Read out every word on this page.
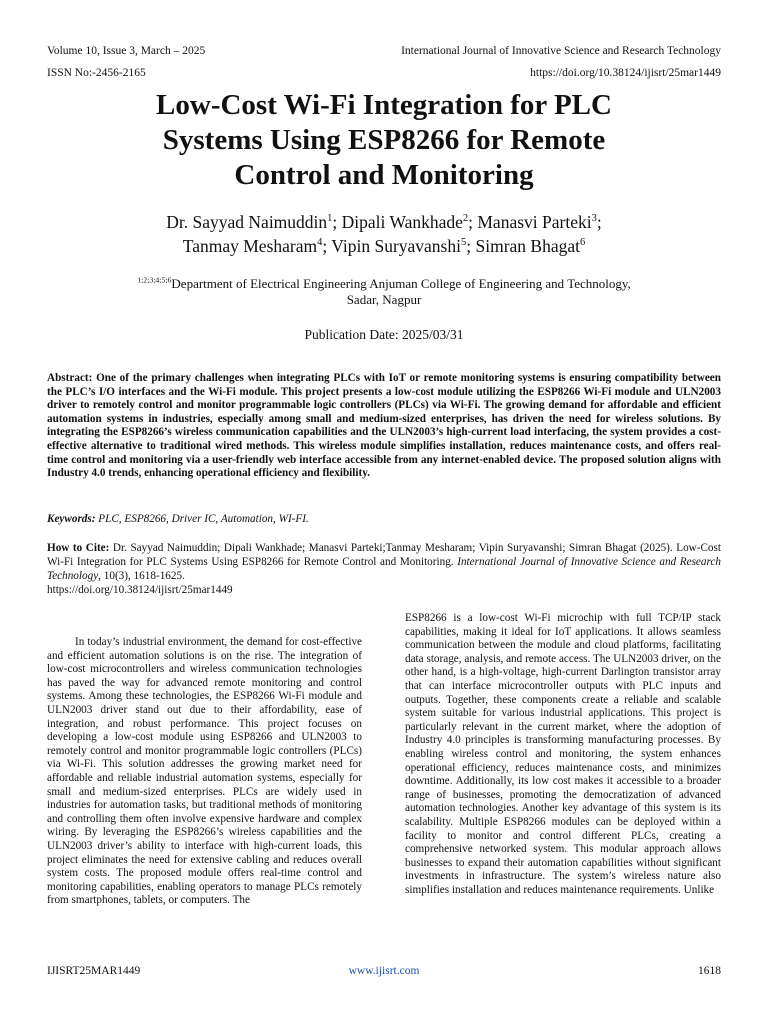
Volume 10, Issue 3, March – 2025	International Journal of Innovative Science and Research Technology
ISSN No:-2456-2165	https://doi.org/10.38124/ijisrt/25mar1449
Low-Cost Wi-Fi Integration for PLC
Systems Using ESP8266 for Remote
Control and Monitoring
Dr. Sayyad Naimuddin$^1$; Dipali Wankhade$^2$; Manasvi Parteki$^3$;
Tanmay Mesharam$^4$; Vipin Suryavanshi$^5$; Simran Bhagat$^6$
$^{1;2;3;4;5;6}$Department of Electrical Engineering Anjuman College of Engineering and Technology,
Sadar, Nagpur
Publication Date: 2025/03/31
Abstract: One of the primary challenges when integrating PLCs with IoT or remote monitoring systems is ensuring compatibility between the PLC’s I/O interfaces and the Wi-Fi module. This project presents a low-cost module utilizing the ESP8266 Wi-Fi module and ULN2003 driver to remotely control and monitor programmable logic controllers (PLCs) via Wi-Fi. The growing demand for affordable and efficient automation systems in industries, especially among small and medium-sized enterprises, has driven the need for wireless solutions. By integrating the ESP8266’s wireless communication capabilities and the ULN2003’s high-current load interfacing, the system provides a cost-effective alternative to traditional wired methods. This wireless module simplifies installation, reduces maintenance costs, and offers real-time control and monitoring via a user-friendly web interface accessible from any internet-enabled device. The proposed solution aligns with Industry 4.0 trends, enhancing operational efficiency and flexibility.
Keywords: PLC, ESP8266, Driver IC, Automation, WI-FI.
How to Cite: Dr. Sayyad Naimuddin; Dipali Wankhade; Manasvi Parteki;Tanmay Mesharam; Vipin Suryavanshi; Simran Bhagat (2025). Low-Cost Wi-Fi Integration for PLC Systems Using ESP8266 for Remote Control and Monitoring. International Journal of Innovative Science and Research Technology, 10(3), 1618-1625.
https://doi.org/10.38124/ijisrt/25mar1449
In today’s industrial environment, the demand for cost-effective and efficient automation solutions is on the rise. The integration of low-cost microcontrollers and wireless communication technologies has paved the way for advanced remote monitoring and control systems. Among these technologies, the ESP8266 Wi-Fi module and ULN2003 driver stand out due to their affordability, ease of integration, and robust performance. This project focuses on developing a low-cost module using ESP8266 and ULN2003 to remotely control and monitor programmable logic controllers (PLCs) via Wi-Fi. This solution addresses the growing market need for affordable and reliable industrial automation systems, especially for small and medium-sized enterprises. PLCs are widely used in industries for automation tasks, but traditional methods of monitoring and controlling them often involve expensive hardware and complex wiring. By leveraging the ESP8266’s wireless capabilities and the ULN2003 driver’s ability to interface with high-current loads, this project eliminates the need for extensive cabling and reduces overall system costs. The proposed module offers real-time control and monitoring capabilities, enabling operators to manage PLCs remotely from smartphones, tablets, or computers. The
ESP8266 is a low-cost Wi-Fi microchip with full TCP/IP stack capabilities, making it ideal for IoT applications. It allows seamless communication between the module and cloud platforms, facilitating data storage, analysis, and remote access. The ULN2003 driver, on the other hand, is a high-voltage, high-current Darlington transistor array that can interface microcontroller outputs with PLC inputs and outputs. Together, these components create a reliable and scalable system suitable for various industrial applications. This project is particularly relevant in the current market, where the adoption of Industry 4.0 principles is transforming manufacturing processes. By enabling wireless control and monitoring, the system enhances operational efficiency, reduces maintenance costs, and minimizes downtime. Additionally, its low cost makes it accessible to a broader range of businesses, promoting the democratization of advanced automation technologies. Another key advantage of this system is its scalability. Multiple ESP8266 modules can be deployed within a facility to monitor and control different PLCs, creating a comprehensive networked system. This modular approach allows businesses to expand their automation capabilities without significant investments in infrastructure. The system’s wireless nature also simplifies installation and reduces maintenance requirements. Unlike
IJISRT25MAR1449	www.ijisrt.com	1618
